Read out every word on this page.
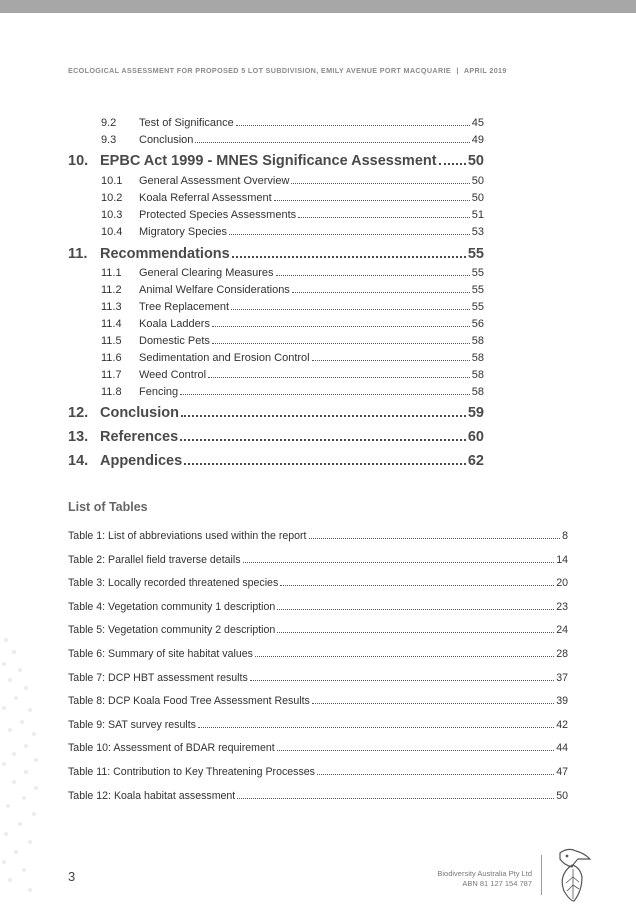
ECOLOGICAL ASSESSMENT FOR PROPOSED 5 LOT SUBDIVISION, EMILY AVENUE PORT MACQUARIE | APRIL 2019
9.2	Test of Significance	45
9.3	Conclusion	49
10. EPBC Act 1999 - MNES Significance Assessment 50
10.1	General Assessment Overview	50
10.2	Koala Referral Assessment	50
10.3	Protected Species Assessments	51
10.4	Migratory Species	53
11. Recommendations	55
11.1	General Clearing Measures	55
11.2	Animal Welfare Considerations	55
11.3	Tree Replacement	55
11.4	Koala Ladders	56
11.5	Domestic Pets	58
11.6	Sedimentation and Erosion Control	58
11.7	Weed Control	58
11.8	Fencing	58
12. Conclusion	59
13. References	60
14. Appendices	62
List of Tables
Table 1: List of abbreviations used within the report	8
Table 2: Parallel field traverse details	14
Table 3: Locally recorded threatened species	20
Table 4: Vegetation community 1 description	23
Table 5: Vegetation community 2 description	24
Table 6: Summary of site habitat values	28
Table 7: DCP HBT assessment results	37
Table 8: DCP Koala Food Tree Assessment Results	39
Table 9: SAT survey results	42
Table 10: Assessment of BDAR requirement	44
Table 11: Contribution to Key Threatening Processes	47
Table 12: Koala habitat assessment	50
3	Biodiversity Australia Pty Ltd
ABN 81 127 154 787
